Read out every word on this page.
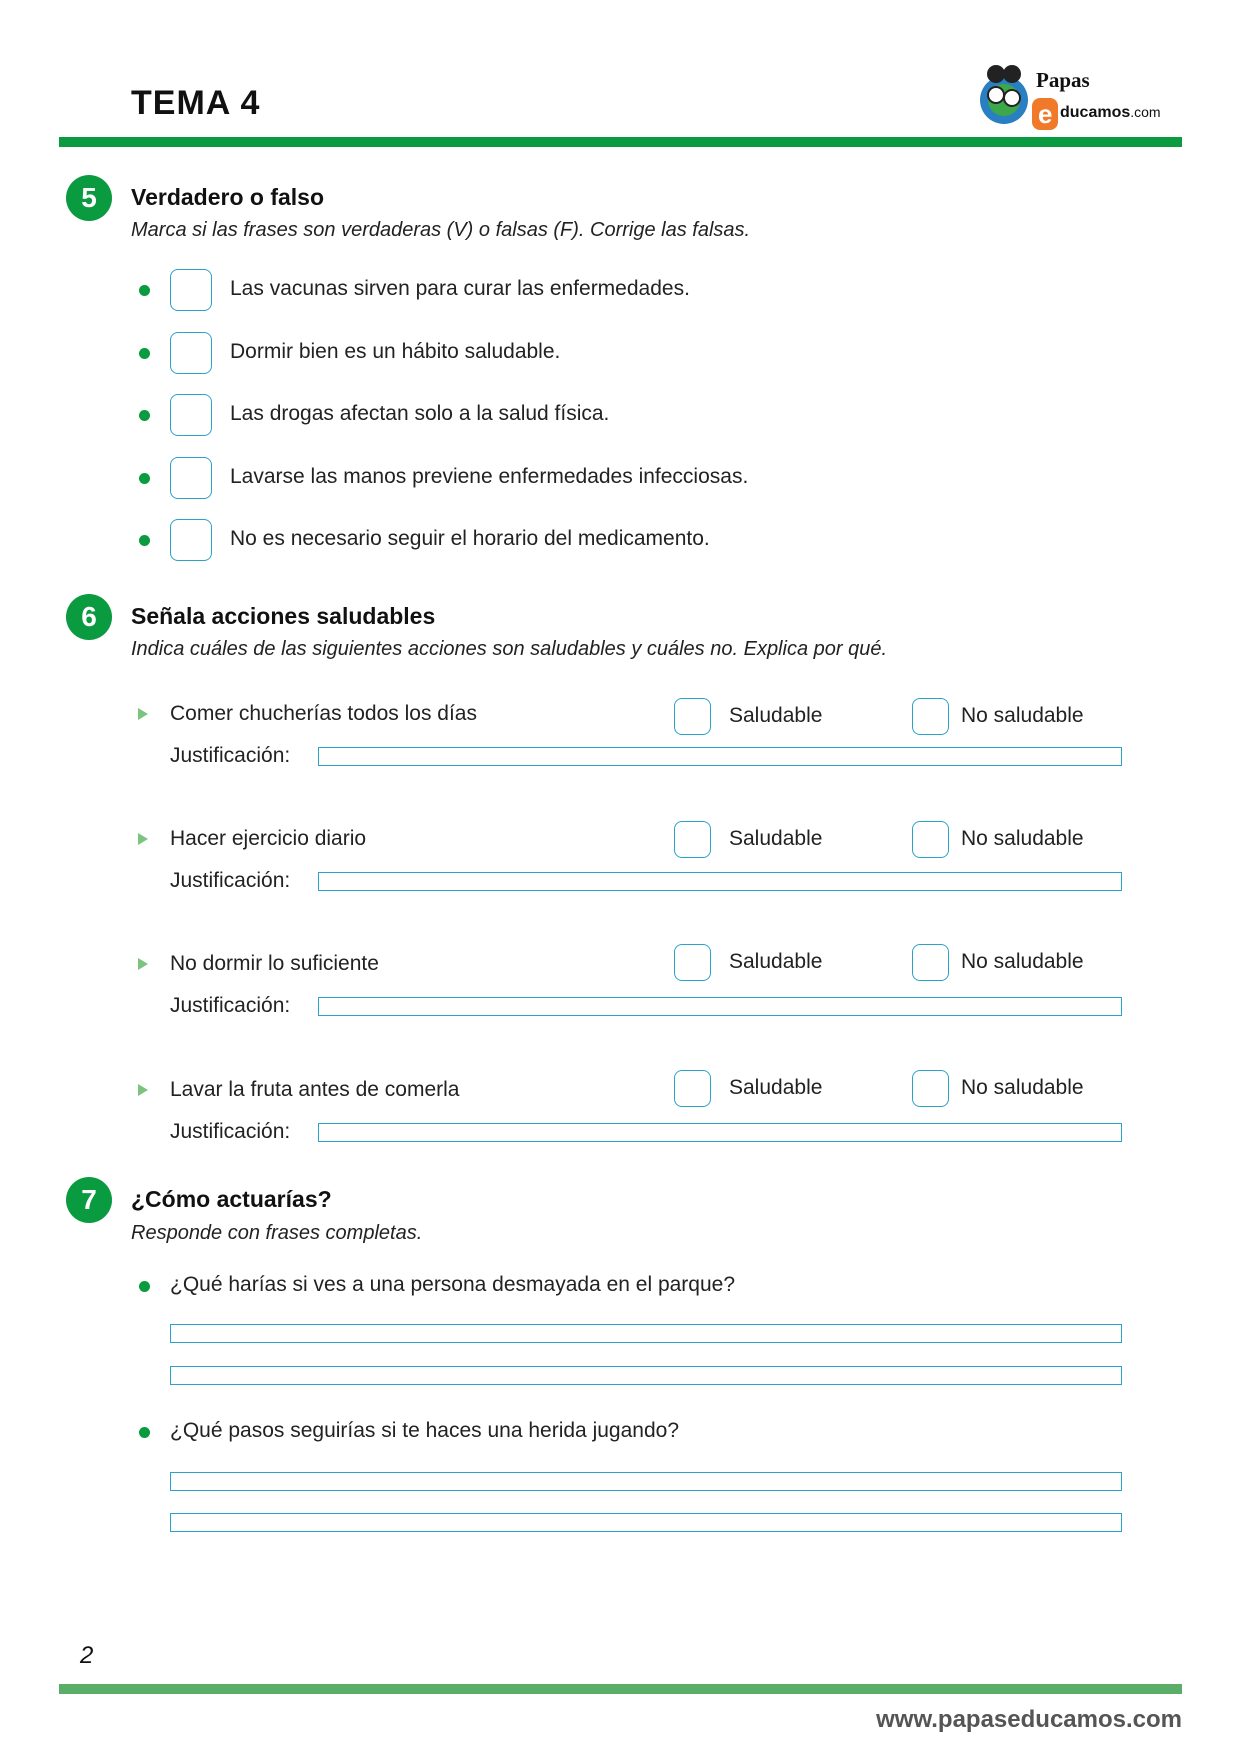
TEMA 4	e
Papas
ducamos.com
5	Verdadero o falso
Marca si las frases son verdaderas (V) o falsas (F). Corrige las falsas.
Las vacunas sirven para curar las enfermedades.
Dormir bien es un hábito saludable.
Las drogas afectan solo a la salud física.
Lavarse las manos previene enfermedades infecciosas.
No es necesario seguir el horario del medicamento.
6	Señala acciones saludables
Indica cuáles de las siguientes acciones son saludables y cuáles no. Explica por qué.
Comer chucherías todos los días	Saludable	No saludable
Justificación:
Hacer ejercicio diario	Saludable	No saludable
Justificación:
No dormir lo suficiente	Saludable	No saludable
Justificación:
Lavar la fruta antes de comerla	Saludable	No saludable
Justificación:
7	¿Cómo actuarías?
Responde con frases completas.
¿Qué harías si ves a una persona desmayada en el parque?
¿Qué pasos seguirías si te haces una herida jugando?
2
www.papaseducamos.com
